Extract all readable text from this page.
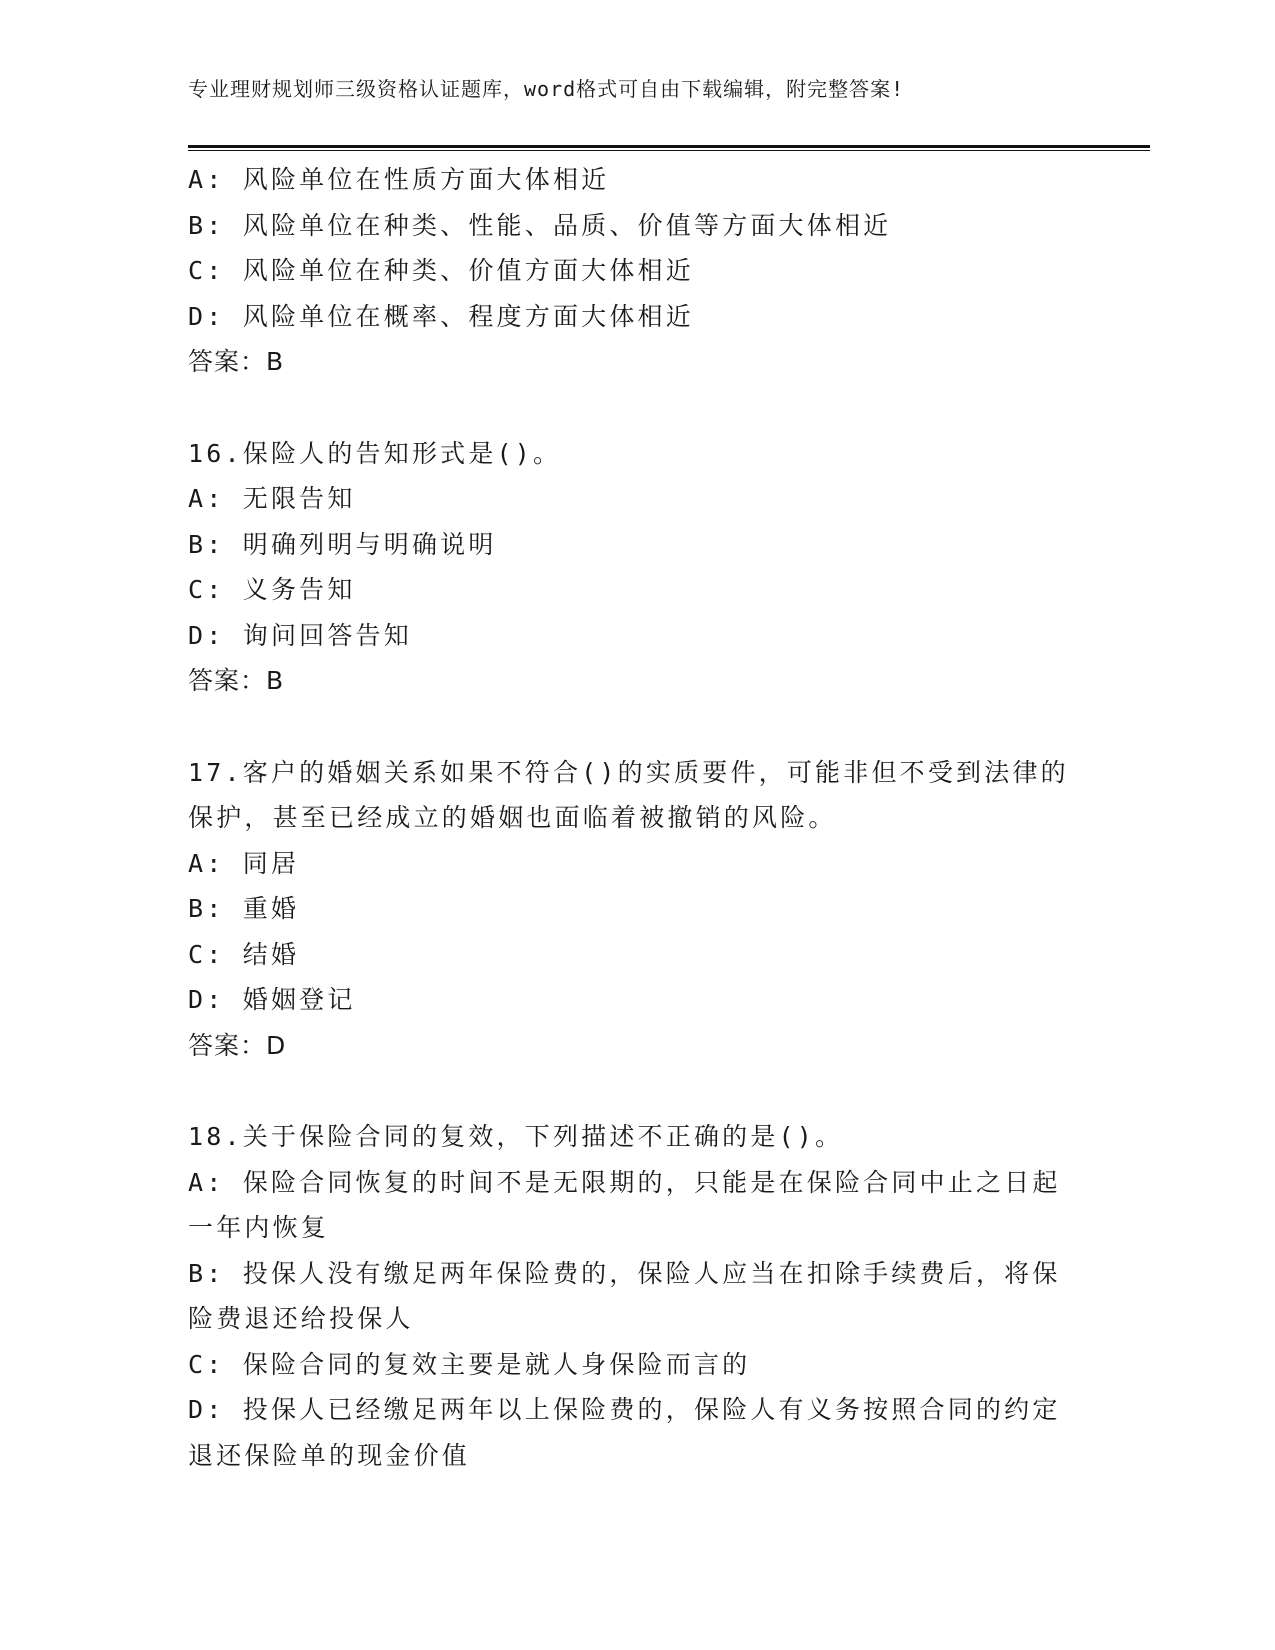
专业理财规划师三级资格认证题库，word格式可自由下载编辑，附完整答案!
A: 风险单位在性质方面大体相近
B: 风险单位在种类、性能、品质、价值等方面大体相近
C: 风险单位在种类、价值方面大体相近
D: 风险单位在概率、程度方面大体相近
答案：B
16.保险人的告知形式是()。
A: 无限告知
B: 明确列明与明确说明
C: 义务告知
D: 询问回答告知
答案：B
17.客户的婚姻关系如果不符合()的实质要件，可能非但不受到法律的
保护，甚至已经成立的婚姻也面临着被撤销的风险。
A: 同居
B: 重婚
C: 结婚
D: 婚姻登记
答案：D
18.关于保险合同的复效，下列描述不正确的是()。
A: 保险合同恢复的时间不是无限期的，只能是在保险合同中止之日起
一年内恢复
B: 投保人没有缴足两年保险费的，保险人应当在扣除手续费后，将保
险费退还给投保人
C: 保险合同的复效主要是就人身保险而言的
D: 投保人已经缴足两年以上保险费的，保险人有义务按照合同的约定
退还保险单的现金价值
